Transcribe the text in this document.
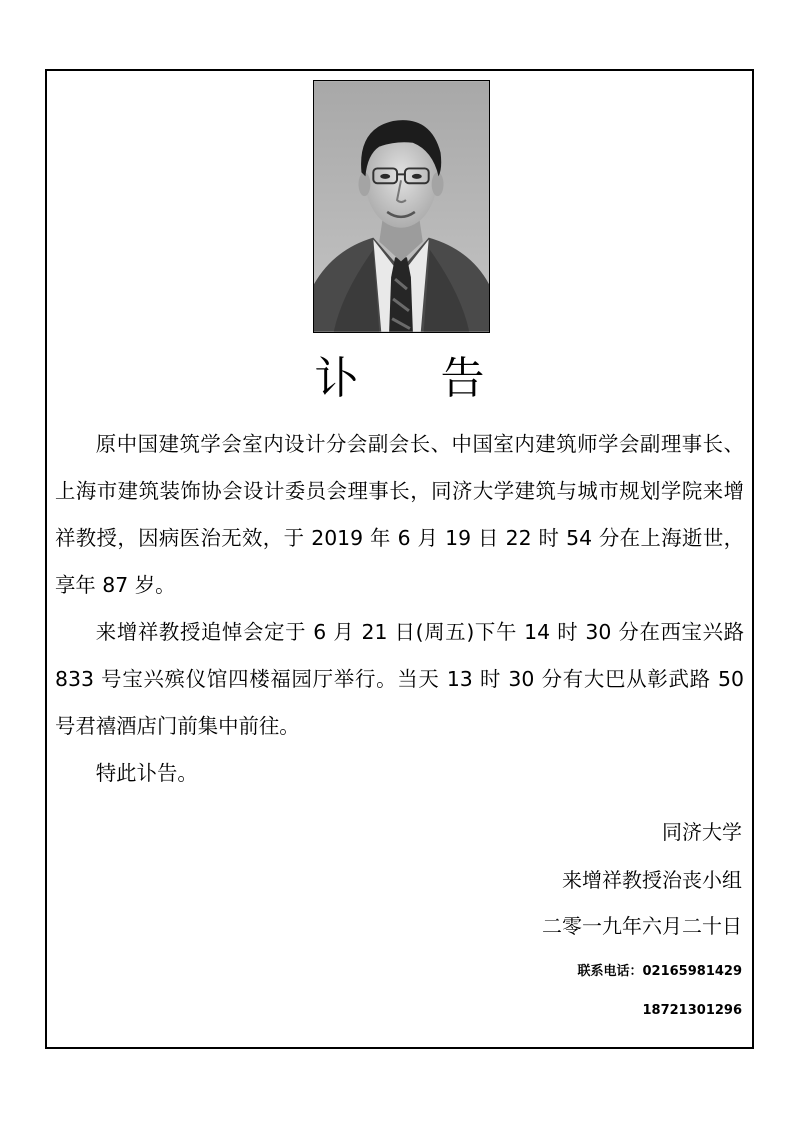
讣 告

原中国建筑学会室内设计分会副会长、中国室内建筑师学会副理事长、上海市建筑装饰协会设计委员会理事长，同济大学建筑与城市规划学院来增祥教授，因病医治无效，于 2019 年 6 月 19 日 22 时 54 分在上海逝世，享年 87 岁。

来增祥教授追悼会定于 6 月 21 日(周五)下午 14 时 30 分在西宝兴路 833 号宝兴殡仪馆四楼福园厅举行。当天 13 时 30 分有大巴从彰武路 50 号君禧酒店门前集中前往。

特此讣告。

同济大学
来增祥教授治丧小组
二零一九年六月二十日
联系电话：02165981429
18721301296
